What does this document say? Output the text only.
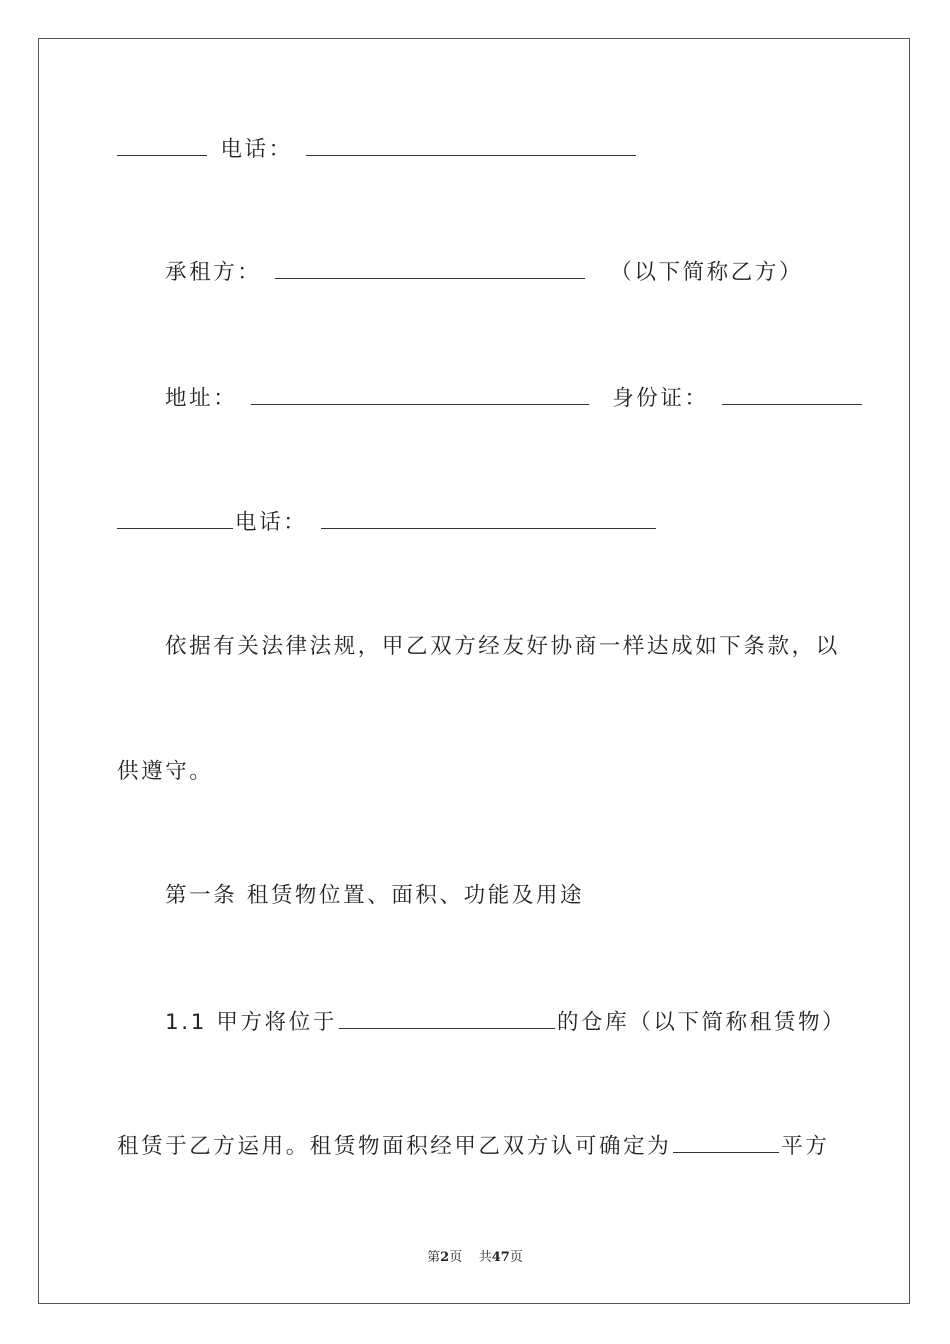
电话：
承租方：	（以下简称乙方）
地址：	身份证：
电话：
依据有关法律法规，甲乙双方经友好协商一样达成如下条款，以
供遵守。
第一条 租赁物位置、面积、功能及用途
1.1 甲方将位于	的仓库（以下简称租赁物）
租赁于乙方运用。租赁物面积经甲乙双方认可确定为	平方
第2页 共47页
